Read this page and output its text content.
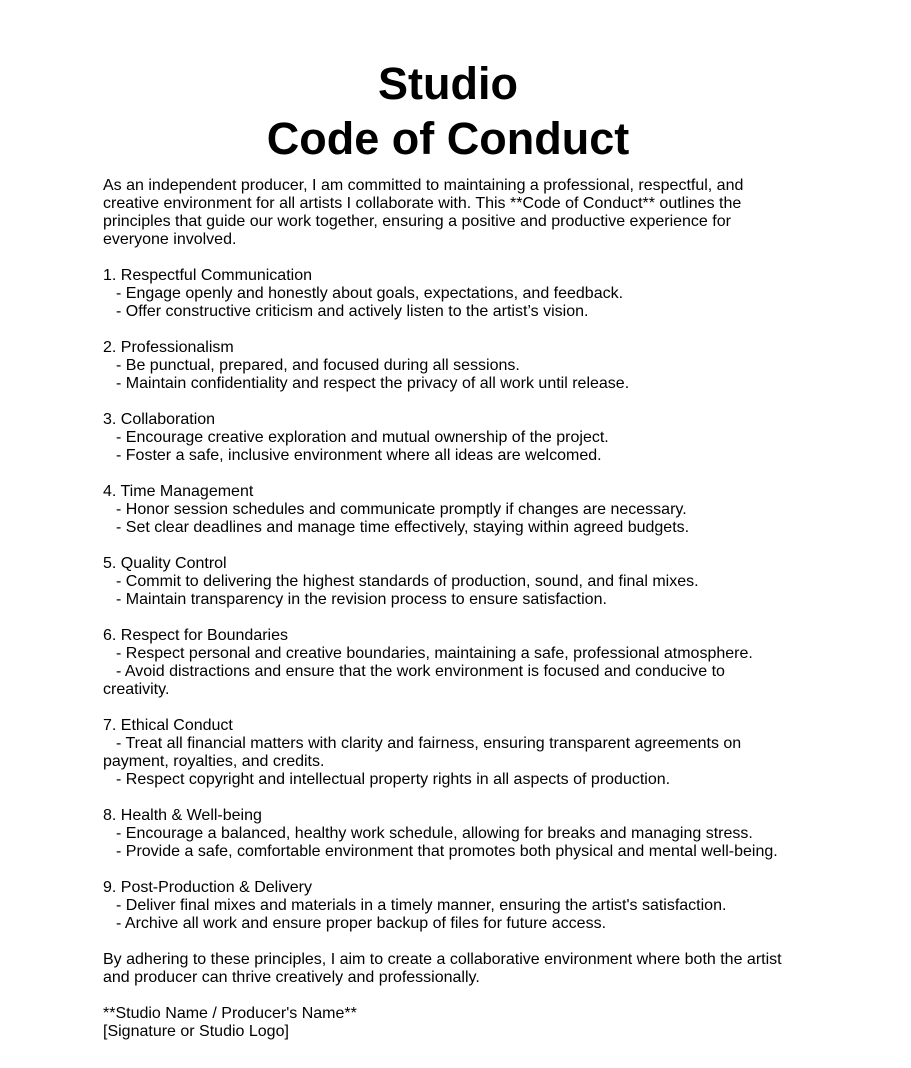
Studio
Code of Conduct

As an independent producer, I am committed to maintaining a professional, respectful, and creative environment for all artists I collaborate with. This **Code of Conduct** outlines the principles that guide our work together, ensuring a positive and productive experience for everyone involved.

1. Respectful Communication

- Engage openly and honestly about goals, expectations, and feedback.

- Offer constructive criticism and actively listen to the artist’s vision.

2. Professionalism

- Be punctual, prepared, and focused during all sessions.

- Maintain confidentiality and respect the privacy of all work until release.

3. Collaboration

- Encourage creative exploration and mutual ownership of the project.

- Foster a safe, inclusive environment where all ideas are welcomed.

4. Time Management

- Honor session schedules and communicate promptly if changes are necessary.

- Set clear deadlines and manage time effectively, staying within agreed budgets.

5. Quality Control

- Commit to delivering the highest standards of production, sound, and final mixes.

- Maintain transparency in the revision process to ensure satisfaction.

6. Respect for Boundaries

- Respect personal and creative boundaries, maintaining a safe, professional atmosphere.

- Avoid distractions and ensure that the work environment is focused and conducive to creativity.

7. Ethical Conduct

- Treat all financial matters with clarity and fairness, ensuring transparent agreements on payment, royalties, and credits.

- Respect copyright and intellectual property rights in all aspects of production.

8. Health & Well-being

- Encourage a balanced, healthy work schedule, allowing for breaks and managing stress.

- Provide a safe, comfortable environment that promotes both physical and mental well-being.

9. Post-Production & Delivery

- Deliver final mixes and materials in a timely manner, ensuring the artist's satisfaction.

- Archive all work and ensure proper backup of files for future access.

By adhering to these principles, I aim to create a collaborative environment where both the artist and producer can thrive creatively and professionally.

**Studio Name / Producer's Name**

[Signature or Studio Logo]
